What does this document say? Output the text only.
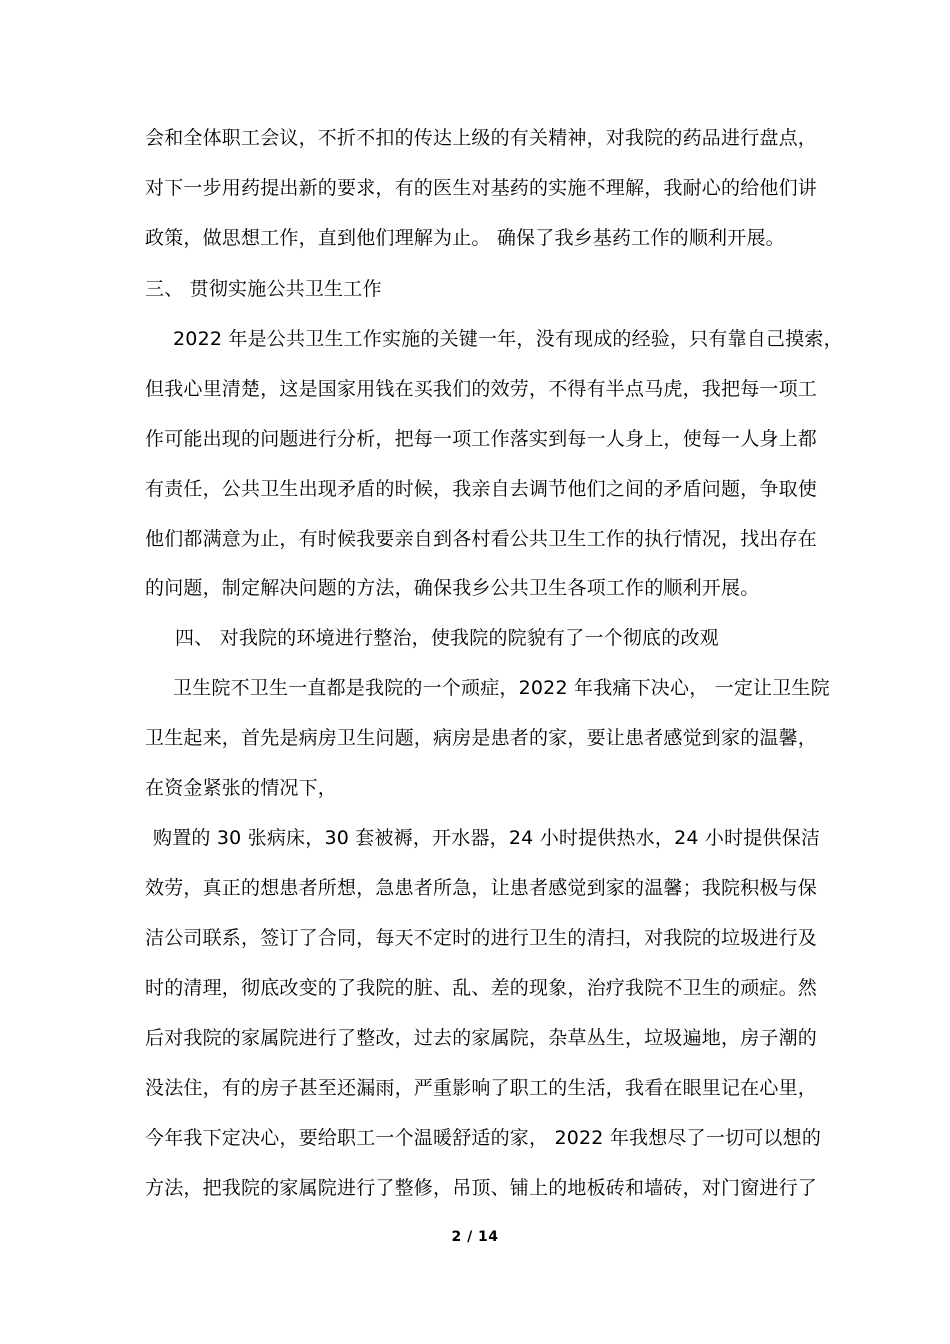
会和全体职工会议，不折不扣的传达上级的有关精神，对我院的药品进行盘点，
对下一步用药提出新的要求，有的医生对基药的实施不理解，我耐心的给他们讲
政策，做思想工作，直到他们理解为止。 确保了我乡基药工作的顺利开展。
三、 贯彻实施公共卫生工作
2022 年是公共卫生工作实施的关键一年，没有现成的经验，只有靠自己摸索，
但我心里清楚，这是国家用钱在买我们的效劳，不得有半点马虎，我把每一项工
作可能出现的问题进行分析，把每一项工作落实到每一人身上，使每一人身上都
有责任，公共卫生出现矛盾的时候，我亲自去调节他们之间的矛盾问题，争取使
他们都满意为止，有时候我要亲自到各村看公共卫生工作的执行情况，找出存在
的问题，制定解决问题的方法，确保我乡公共卫生各项工作的顺利开展。
四、 对我院的环境进行整治，使我院的院貌有了一个彻底的改观
卫生院不卫生一直都是我院的一个顽症，2022 年我痛下决心， 一定让卫生院
卫生起来，首先是病房卫生问题，病房是患者的家，要让患者感觉到家的温馨，
在资金紧张的情况下，
购置的 30 张病床，30 套被褥，开水器，24 小时提供热水，24 小时提供保洁
效劳，真正的想患者所想，急患者所急，让患者感觉到家的温馨；我院积极与保
洁公司联系，签订了合同，每天不定时的进行卫生的清扫，对我院的垃圾进行及
时的清理，彻底改变的了我院的脏、乱、差的现象，治疗我院不卫生的顽症。然
后对我院的家属院进行了整改，过去的家属院，杂草丛生，垃圾遍地，房子潮的
没法住，有的房子甚至还漏雨，严重影响了职工的生活，我看在眼里记在心里，
今年我下定决心，要给职工一个温暖舒适的家， 2022 年我想尽了一切可以想的
方法，把我院的家属院进行了整修，吊顶、铺上的地板砖和墙砖，对门窗进行了
2 / 14
